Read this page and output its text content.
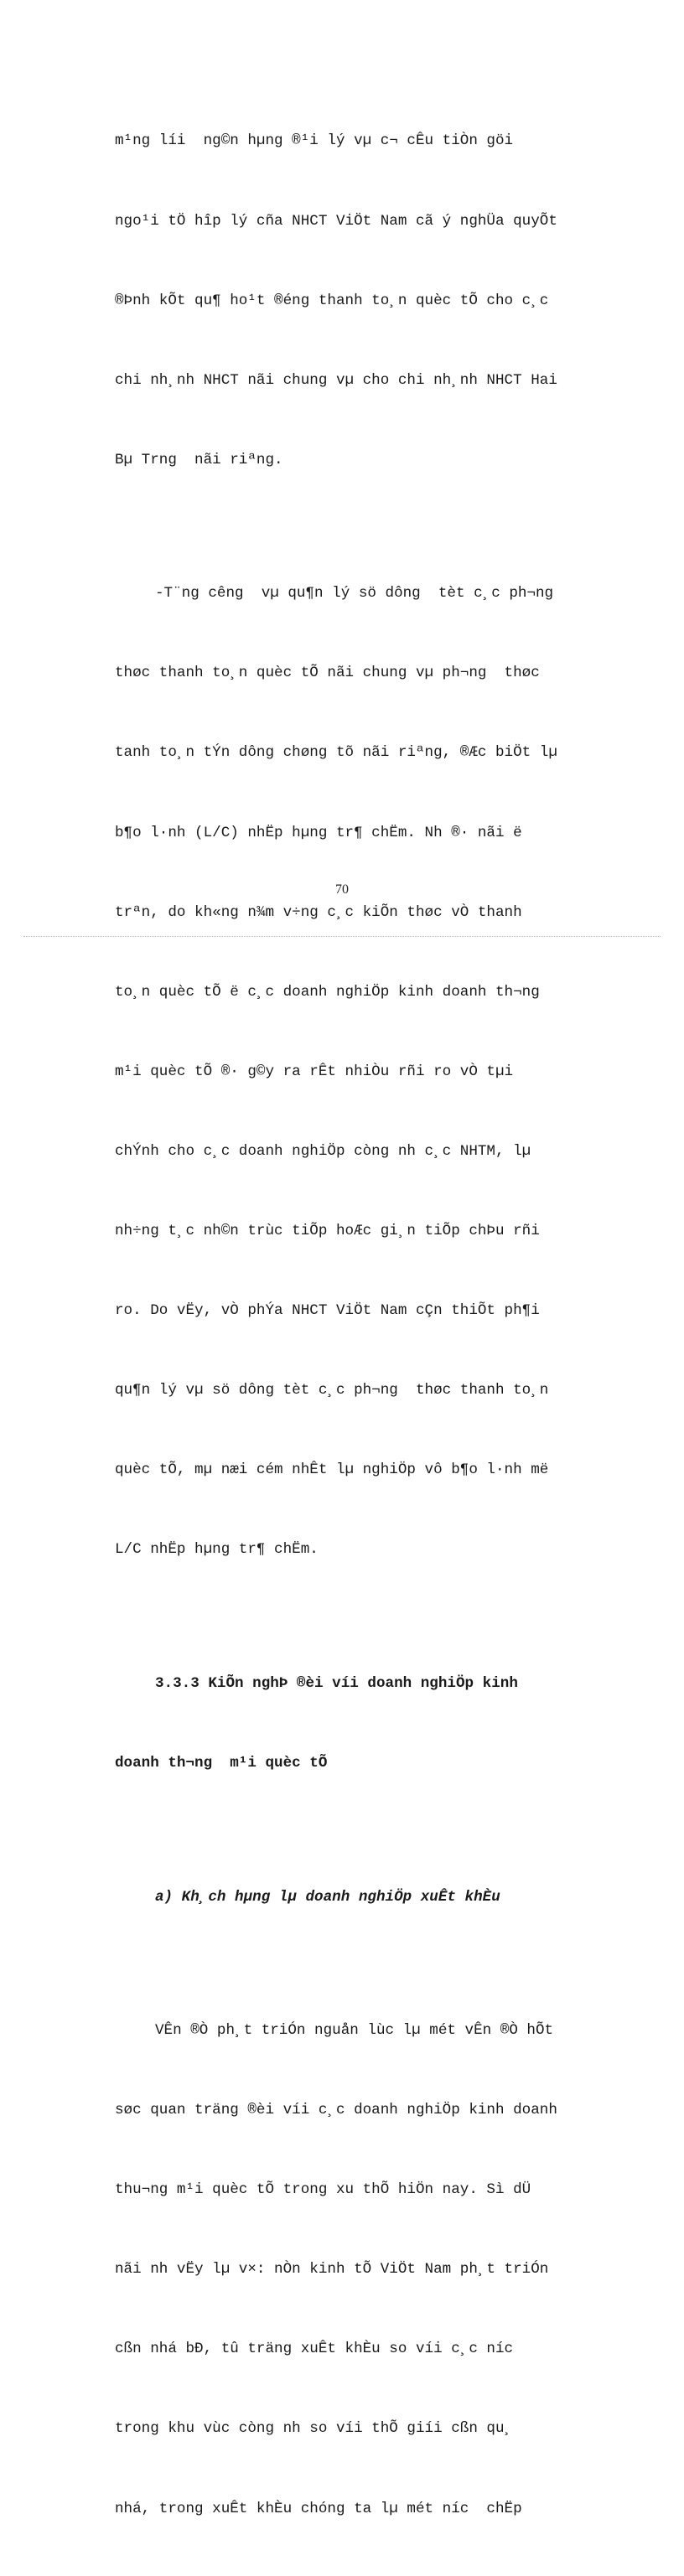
m¹ng líi  ng©n hµng ®¹i lý vµ c¬ cÊu tiÒn göi

ngo¹i tÖ hîp lý cña NHCT ViÖt Nam cã ý nghÜa quyÕt

®Þnh kÕt qu¶ ho¹t ®éng thanh to¸n quèc tÕ cho c¸c

chi nh¸nh NHCT nãi chung vµ cho chi nh¸nh NHCT Hai

Bµ Trng  nãi riªng.

-T¨ng cêng  vµ qu¶n lý sö dông  tèt c¸c ph¬ng

thøc thanh to¸n quèc tÕ nãi chung vµ ph¬ng  thøc

tanh to¸n tÝn dông chøng tõ nãi riªng, ®Æc biÖt lµ

b¶o l·nh (L/C) nhËp hµng tr¶ chËm. Nh ®· nãi ë

trªn, do kh«ng n¾m v÷ng c¸c kiÕn thøc vÒ thanh

to¸n quèc tÕ ë c¸c doanh nghiÖp kinh doanh th¬ng

m¹i quèc tÕ ®· g©y ra rÊt nhiÒu rñi ro vÒ tµi

chÝnh cho c¸c doanh nghiÖp còng nh c¸c NHTM, lµ

nh÷ng t¸c nh©n trùc tiÕp hoÆc gi¸n tiÕp chÞu rñi

ro. Do vËy, vÒ phÝa NHCT ViÖt Nam cÇn thiÕt ph¶i

qu¶n lý vµ sö dông tèt c¸c ph¬ng  thøc thanh to¸n

quèc tÕ, mµ næi cém nhÊt lµ nghiÖp vô b¶o l·nh më

L/C nhËp hµng tr¶ chËm.

3.3.3 KiÕn nghÞ ®èi víi doanh nghiÖp kinh

doanh th¬ng  m¹i quèc tÕ

a) Kh¸ch hµng lµ doanh nghiÖp xuÊt khÈu

VÊn ®Ò ph¸t triÓn nguån lùc lµ mét vÊn ®Ò hÕt

søc quan träng ®èi víi c¸c doanh nghiÖp kinh doanh

thu¬ng m¹i quèc tÕ trong xu thÕ hiÖn nay. Sì dÜ

nãi nh vËy lµ v×: nÒn kinh tÕ ViÖt Nam ph¸t triÓn

cßn nhá bÐ, tû träng xuÊt khÈu so víi c¸c níc

trong khu vùc còng nh so víi thÕ giíi cßn qu¸

nhá, trong xuÊt khÈu chóng ta lµ mét níc  chËp

70
